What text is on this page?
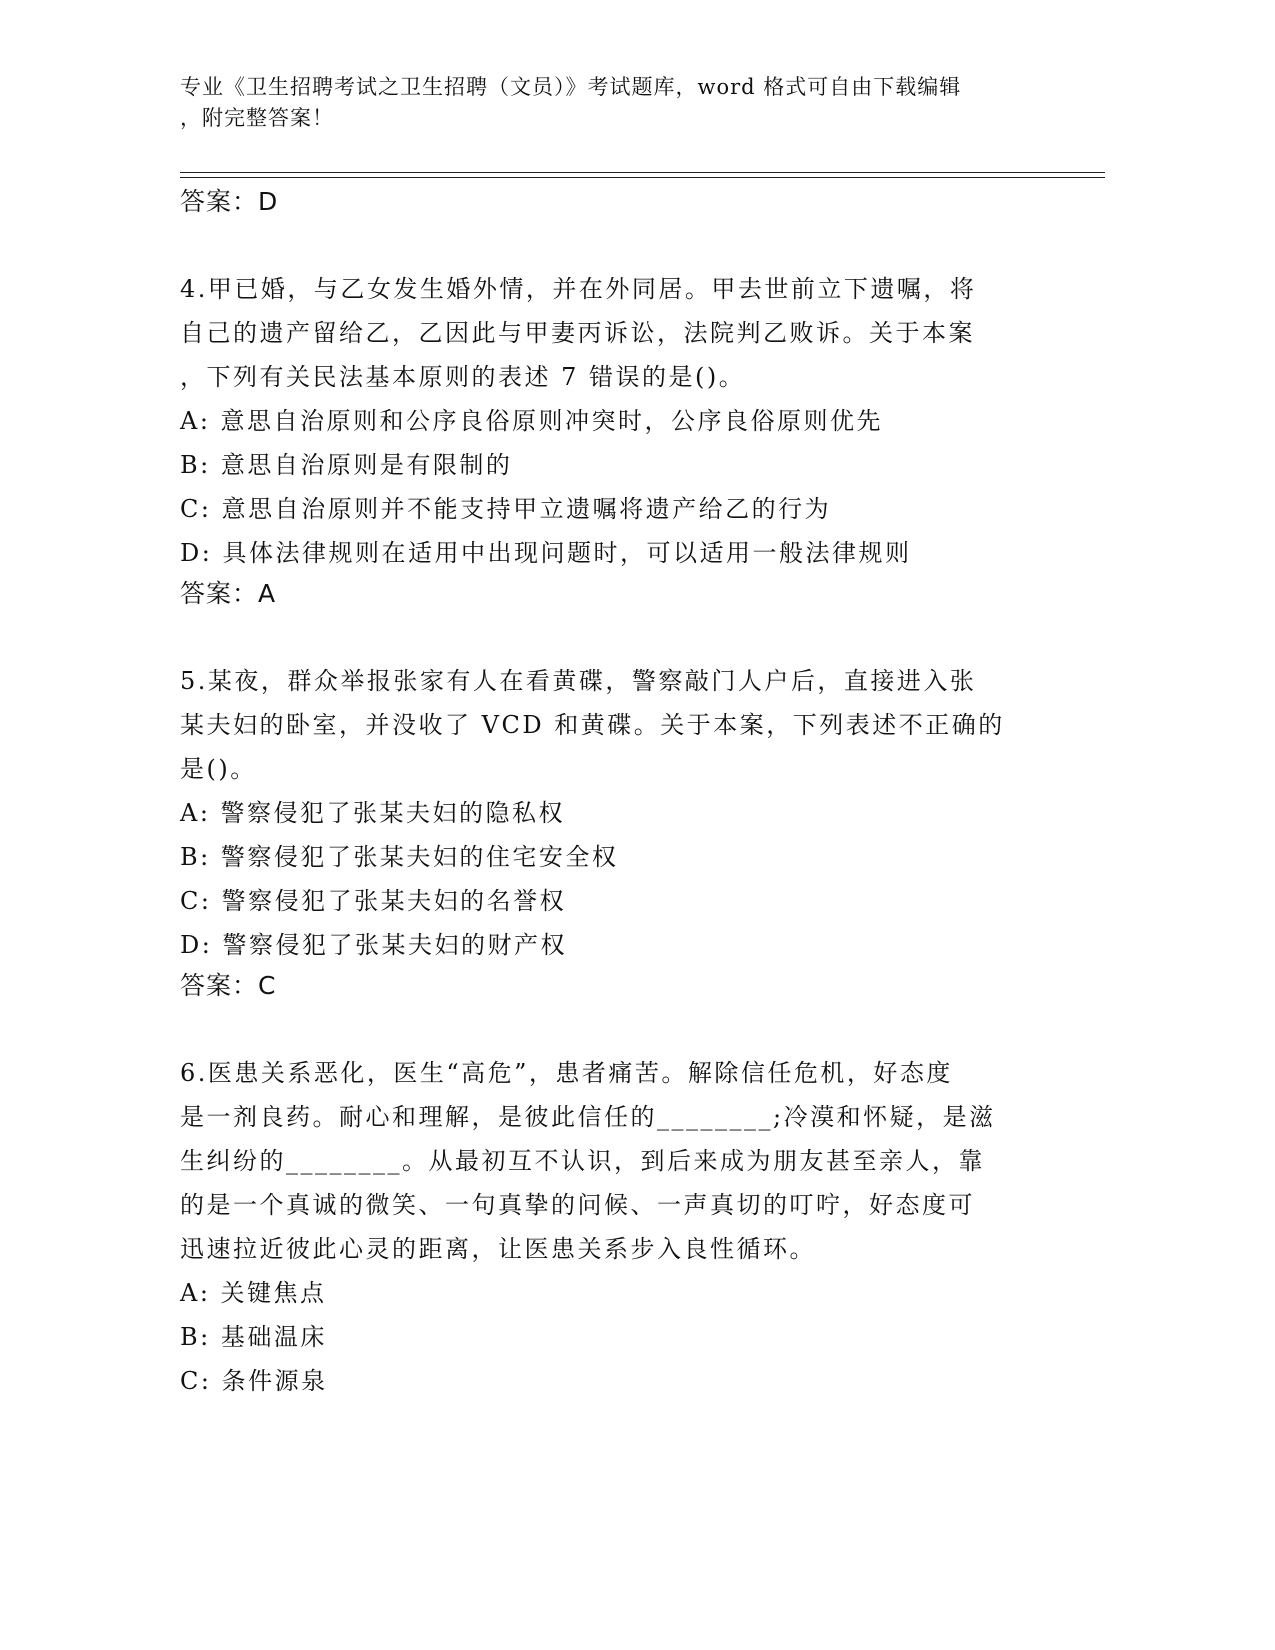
专业《卫生招聘考试之卫生招聘（文员）》考试题库，word 格式可自由下载编辑
，附完整答案！
答案：D
4.甲已婚，与乙女发生婚外情，并在外同居。甲去世前立下遗嘱，将
自己的遗产留给乙，乙因此与甲妻丙诉讼，法院判乙败诉。关于本案
，下列有关民法基本原则的表述 7 错误的是()。
A: 意思自治原则和公序良俗原则冲突时，公序良俗原则优先
B: 意思自治原则是有限制的
C: 意思自治原则并不能支持甲立遗嘱将遗产给乙的行为
D: 具体法律规则在适用中出现问题时，可以适用一般法律规则
答案：A
5.某夜，群众举报张家有人在看黄碟，警察敲门人户后，直接进入张
某夫妇的卧室，并没收了 VCD 和黄碟。关于本案，下列表述不正确的
是()。
A: 警察侵犯了张某夫妇的隐私权
B: 警察侵犯了张某夫妇的住宅安全权
C: 警察侵犯了张某夫妇的名誉权
D: 警察侵犯了张某夫妇的财产权
答案：C
6.医患关系恶化，医生“高危”，患者痛苦。解除信任危机，好态度
是一剂良药。耐心和理解，是彼此信任的________;冷漠和怀疑，是滋
生纠纷的________。从最初互不认识，到后来成为朋友甚至亲人，靠
的是一个真诚的微笑、一句真挚的问候、一声真切的叮咛，好态度可
迅速拉近彼此心灵的距离，让医患关系步入良性循环。
A: 关键焦点
B: 基础温床
C: 条件源泉
